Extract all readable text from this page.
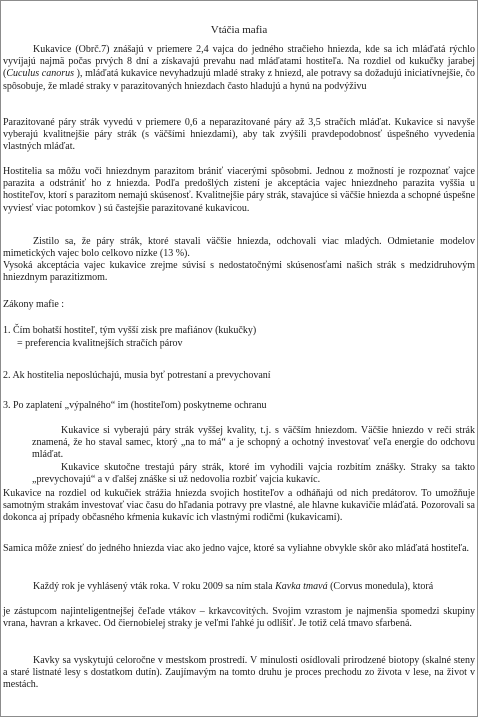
Vtáčia mafia
Kukavice (Obrč.7) znášajú v priemere 2,4 vajca do jedného stračieho hniezda, kde sa ich mláďatá rýchlo vyvíjajú najmä počas prvých 8 dní a získavajú prevahu nad mláďatami hostiteľa. Na rozdiel od kukučky jarabej (Cuculus canorus ), mláďatá kukavice nevyhadzujú mladé straky z hniezd, ale potravy sa dožadujú iniciatívnejšie, čo spôsobuje, že mladé straky v parazitovaných hniezdach často hladujú a hynú na podvýživu
Parazitované páry strák vyvedú v priemere 0,6 a neparazitované páry až 3,5 stračích mláďat. Kukavice si navyše vyberajú kvalitnejšie páry strák (s väčšími hniezdami), aby tak zvýšili pravdepodobnosť úspešného vyvedenia vlastných mláďat.
Hostitelia sa môžu voči hniezdnym parazitom brániť viacerými spôsobmi. Jednou z možností je rozpoznať vajce parazita a odstrániť ho z hniezda. Podľa predošlých zistení je akceptácia vajec hniezdneho parazita vyššia u hostiteľov, ktorí s parazitom nemajú skúsenosť. Kvalitnejšie páry strák, stavajúce si väčšie hniezda a schopné úspešne vyviesť viac potomkov ) sú častejšie parazitované kukavicou.
Zistilo sa, že páry strák, ktoré stavali väčšie hniezda, odchovali viac mladých. Odmietanie modelov mimetických vajec bolo celkovo nízke (13 %).
Vysoká akceptácia vajec kukavice zrejme súvisí s nedostatočnými skúsenosťami našich strák s medzidruhovým hniezdnym parazitizmom.
Zákony mafie :
1. Čím bohatší hostiteľ, tým vyšší zisk pre mafiánov (kukučky)
= preferencia kvalitnejších stračích párov
2. Ak hostitelia neposlúchajú, musia byť potrestaní a prevychovaní
3. Po zaplatení „výpalného“ im (hostiteľom) poskytneme ochranu
Kukavice si vyberajú páry strák vyššej kvality, t.j. s väčším hniezdom. Väčšie hniezdo v reči strák znamená, že ho staval samec, ktorý „na to má“ a je schopný a ochotný investovať veľa energie do odchovu mláďat.
Kukavice skutočne trestajú páry strák, ktoré im vyhodili vajcia rozbitím znášky. Straky sa takto „prevychovajú“ a v ďalšej znáške si už nedovolia rozbiť vajcia kukavíc.
Kukavice na rozdiel od kukučiek strážia hniezda svojich hostiteľov a odháňajú od nich predátorov. To umožňuje samotným strakám investovať viac času do hľadania potravy pre vlastné, ale hlavne kukavičie mláďatá. Pozorovali sa dokonca aj prípady občasného kŕmenia kukavíc ich vlastnými rodičmi (kukavicami).
Samica môže zniesť do jedného hniezda viac ako jedno vajce, ktoré sa vyliahne obvykle skôr ako mláďatá hostiteľa.
Každý rok je vyhlásený vták roka. V roku 2009 sa ním stala Kavka tmavá (Corvus monedula), ktorá
je zástupcom najinteligentnejšej čeľade vtákov – krkavcovitých. Svojim vzrastom je najmenšia spomedzi skupiny vrana, havran a krkavec. Od čiernobielej straky je veľmi ľahké ju odlíšiť. Je totiž celá tmavo sfarbená.
Kavky sa vyskytujú celoročne v mestskom prostredí. V minulosti osídlovali prirodzené biotopy (skalné steny a staré listnaté lesy s dostatkom dutín). Zaujímavým na tomto druhu je proces prechodu zo života v lese, na život v mestách.
